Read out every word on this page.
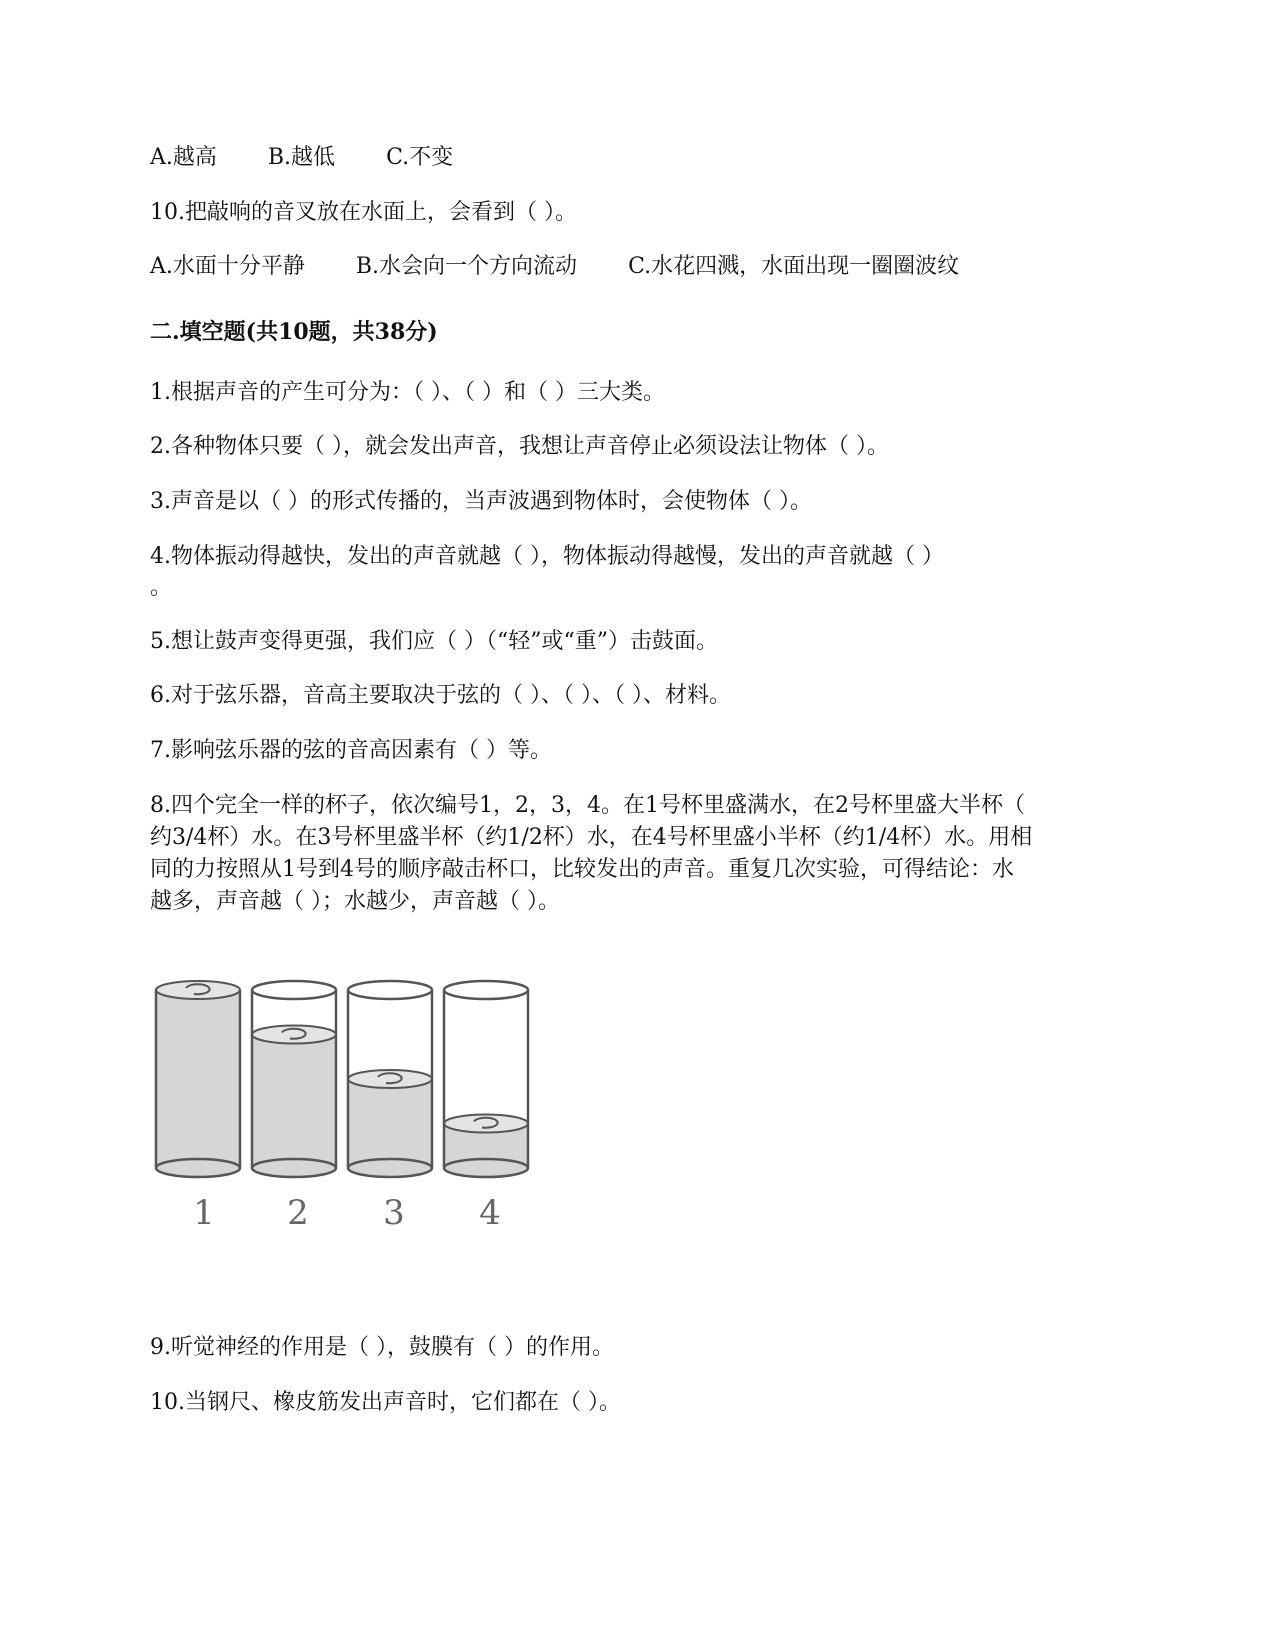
A.越高 B.越低 C.不变
10.把敲响的音叉放在水面上，会看到（ ）。
A.水面十分平静 B.水会向一个方向流动 C.水花四溅，水面出现一圈圈波纹
二.填空题(共10题，共38分)
1.根据声音的产生可分为：（ ）、（ ）和（ ）三大类。
2.各种物体只要（ ），就会发出声音，我想让声音停止必须设法让物体（ ）。
3.声音是以（ ）的形式传播的，当声波遇到物体时，会使物体（ ）。
4.物体振动得越快，发出的声音就越（ ），物体振动得越慢，发出的声音就越（ ）
。
5.想让鼓声变得更强，我们应（ ）（“轻”或“重”）击鼓面。
6.对于弦乐器，音高主要取决于弦的（ ）、（ ）、（ ）、材料。
7.影响弦乐器的弦的音高因素有（ ）等。
8.四个完全一样的杯子，依次编号1，2，3，4。在1号杯里盛满水，在2号杯里盛大半杯（
约3/4杯）水。在3号杯里盛半杯（约1/2杯）水，在4号杯里盛小半杯（约1/4杯）水。用相
同的力按照从1号到4号的顺序敲击杯口，比较发出的声音。重复几次实验，可得结论：水
越多，声音越（ ）；水越少，声音越（ ）。
1 2 3 4
9.听觉神经的作用是（ ），鼓膜有（ ）的作用。
10.当钢尺、橡皮筋发出声音时，它们都在（ ）。
